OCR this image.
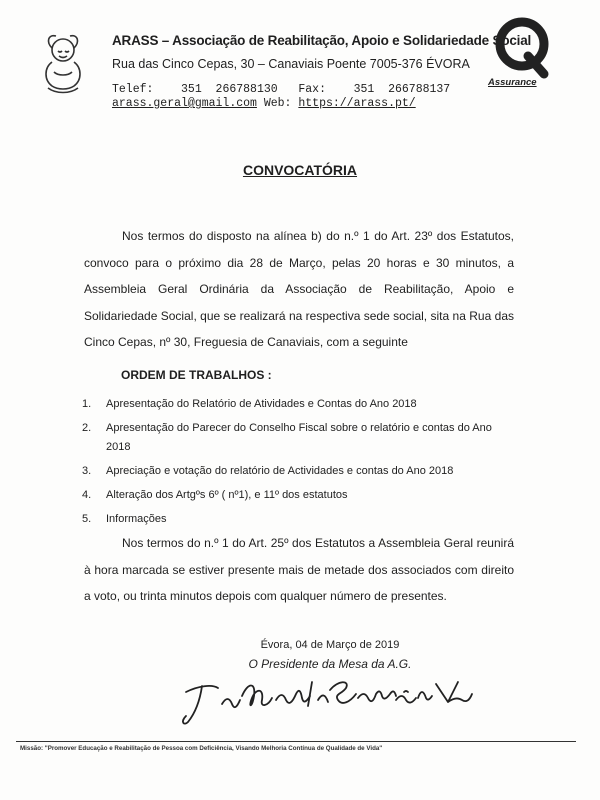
ARASS – Associação de Reabilitação, Apoio e Solidariedade Social
Rua das Cinco Cepas, 30 – Canaviais Poente 7005-376 ÉVORA
Telef: 351  266788130 Fax: 351  266788137
arass.geral@gmail.com Web: https://arass.pt/
Assurance
CONVOCATÓRIA
Nos termos do disposto na alínea b) do n.º 1 do Art. 23º dos Estatutos, convoco para o próximo dia 28 de Março, pelas 20 horas e 30 minutos, a Assembleia Geral Ordinária da Associação de Reabilitação, Apoio e Solidariedade Social, que se realizará na respectiva sede social, sita na Rua das Cinco Cepas, nº 30, Freguesia de Canaviais, com a seguinte
ORDEM DE TRABALHOS :
1.	Apresentação do Relatório de Atividades e Contas do Ano 2018
2.	Apresentação do Parecer do Conselho Fiscal sobre o relatório e contas do Ano 2018
3.	Apreciação e votação do relatório de Actividades e contas do Ano 2018
4.	Alteração dos Artgºs 6º ( nº1), e 11º dos estatutos
5.	Informações
Nos termos do n.º 1 do Art. 25º dos Estatutos a Assembleia Geral reunirá à hora marcada se estiver presente mais de metade dos associados com direito a voto, ou trinta minutos depois com qualquer número de presentes.
Évora, 04 de Março de 2019
O Presidente da Mesa da A.G.
Missão: "Promover Educação e Reabilitação de Pessoa com Deficiência, Visando Melhoria Contínua de Qualidade de Vida"
